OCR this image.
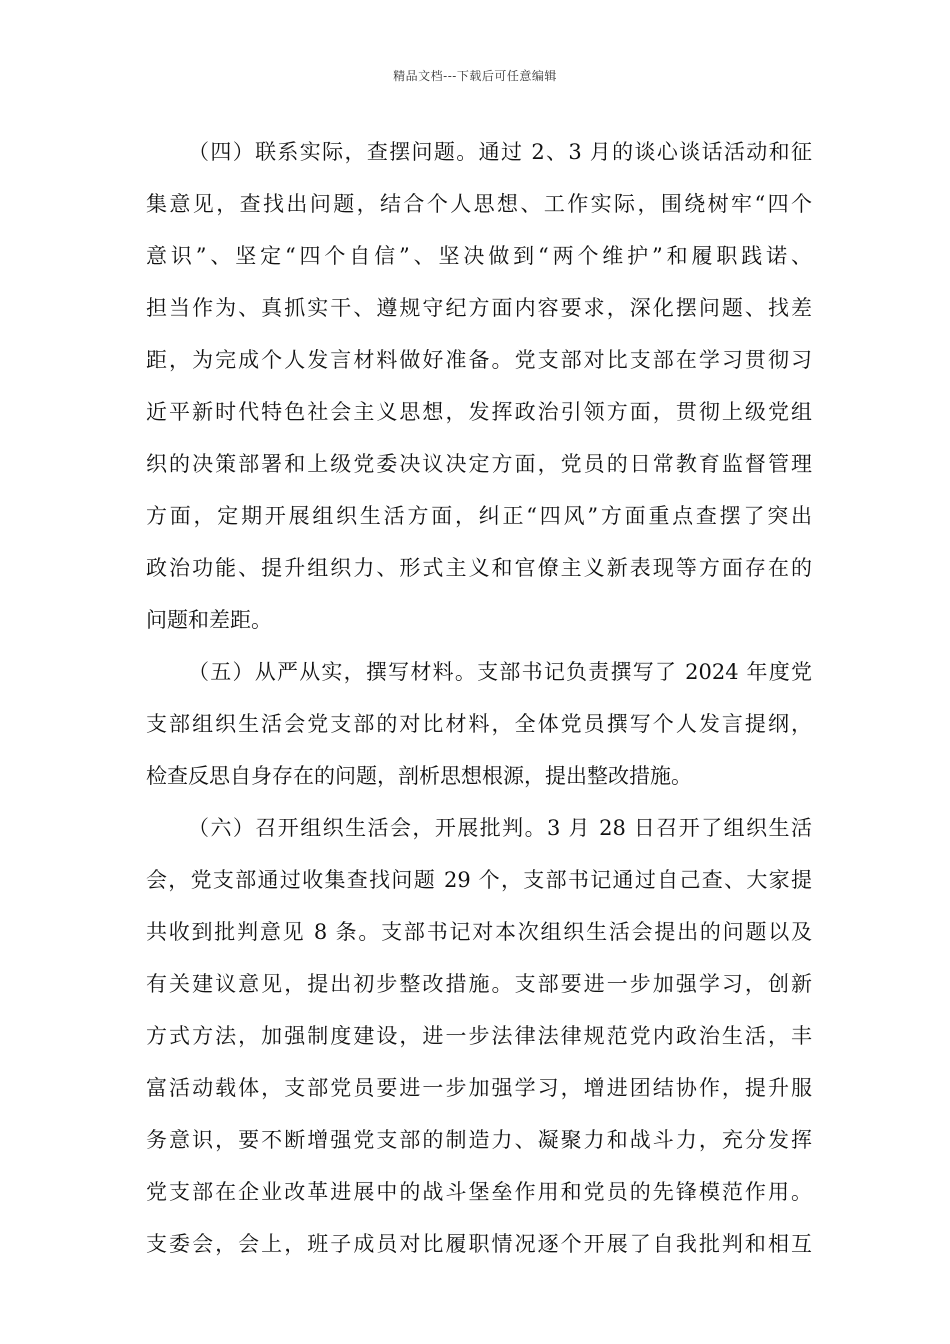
精品文档---下载后可任意编辑

（四）联系实际，查摆问题。通过 2、3 月的谈心谈话活动和征
集意见，查找出问题，结合个人思想、工作实际，围绕树牢“四个
意识”、坚定“四个自信”、坚决做到“两个维护”和履职践诺、
担当作为、真抓实干、遵规守纪方面内容要求，深化摆问题、找差
距，为完成个人发言材料做好准备。党支部对比支部在学习贯彻习
近平新时代特色社会主义思想，发挥政治引领方面，贯彻上级党组
织的决策部署和上级党委决议决定方面，党员的日常教育监督管理
方面，定期开展组织生活方面，纠正“四风”方面重点查摆了突出
政治功能、提升组织力、形式主义和官僚主义新表现等方面存在的
问题和差距。

（五）从严从实，撰写材料。支部书记负责撰写了 2024 年度党
支部组织生活会党支部的对比材料，全体党员撰写个人发言提纲，
检查反思自身存在的问题，剖析思想根源，提出整改措施。

（六）召开组织生活会，开展批判。3 月 28 日召开了组织生活
会，党支部通过收集查找问题 29 个，支部书记通过自己查、大家提
共收到批判意见 8 条。支部书记对本次组织生活会提出的问题以及
有关建议意见，提出初步整改措施。支部要进一步加强学习，创新
方式方法，加强制度建设，进一步法律法律规范党内政治生活，丰
富活动载体，支部党员要进一步加强学习，增进团结协作，提升服
务意识，要不断增强党支部的制造力、凝聚力和战斗力，充分发挥
党支部在企业改革进展中的战斗堡垒作用和党员的先锋模范作用。
支委会，会上，班子成员对比履职情况逐个开展了自我批判和相互
